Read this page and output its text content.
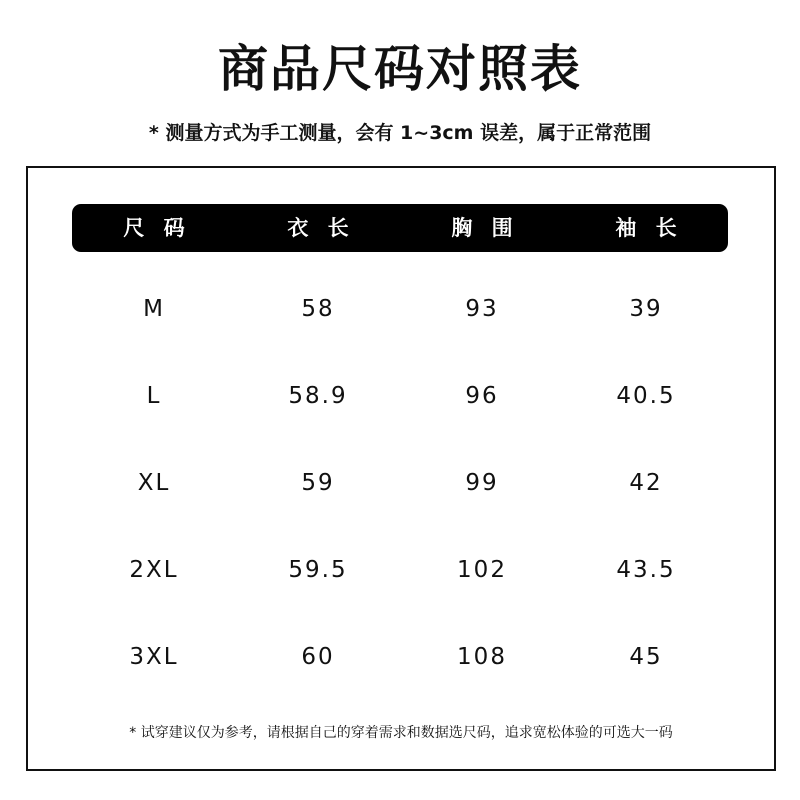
商品尺码对照表
* 测量方式为手工测量，会有 1~3cm 误差，属于正常范围
尺 码	衣 长	胸 围	袖 长
M	58	93	39
L	58.9	96	40.5
XL	59	99	42
2XL	59.5	102	43.5
3XL	60	108	45
* 试穿建议仅为参考，请根据自己的穿着需求和数据选尺码，追求宽松体验的可选大一码
